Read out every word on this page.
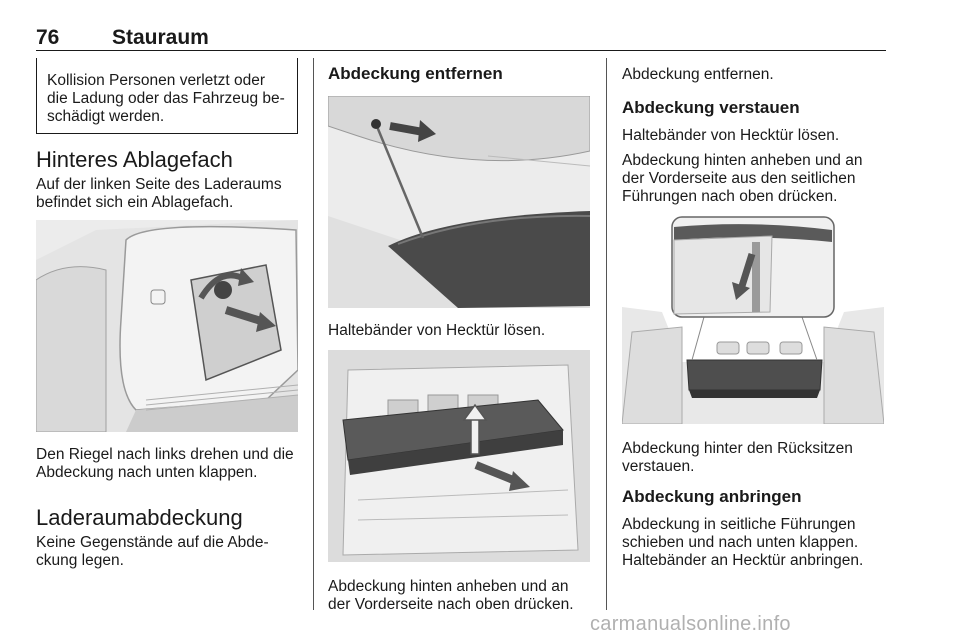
76	Stauraum
Kollision Personen verletzt oder
die Ladung oder das Fahrzeug be-
schädigt werden.
Hinteres Ablagefach
Auf der linken Seite des Laderaums
befindet sich ein Ablagefach.
Den Riegel nach links drehen und die
Abdeckung nach unten klappen.
Laderaumabdeckung
Keine Gegenstände auf die Abde-
ckung legen.
Abdeckung entfernen
Haltebänder von Hecktür lösen.
Abdeckung hinten anheben und an
der Vorderseite nach oben drücken.
Abdeckung entfernen.
Abdeckung verstauen
Haltebänder von Hecktür lösen.
Abdeckung hinten anheben und an
der Vorderseite aus den seitlichen
Führungen nach oben drücken.
Abdeckung hinter den Rücksitzen
verstauen.
Abdeckung anbringen
Abdeckung in seitliche Führungen
schieben und nach unten klappen.
Haltebänder an Hecktür anbringen.
carmanualsonline.info
